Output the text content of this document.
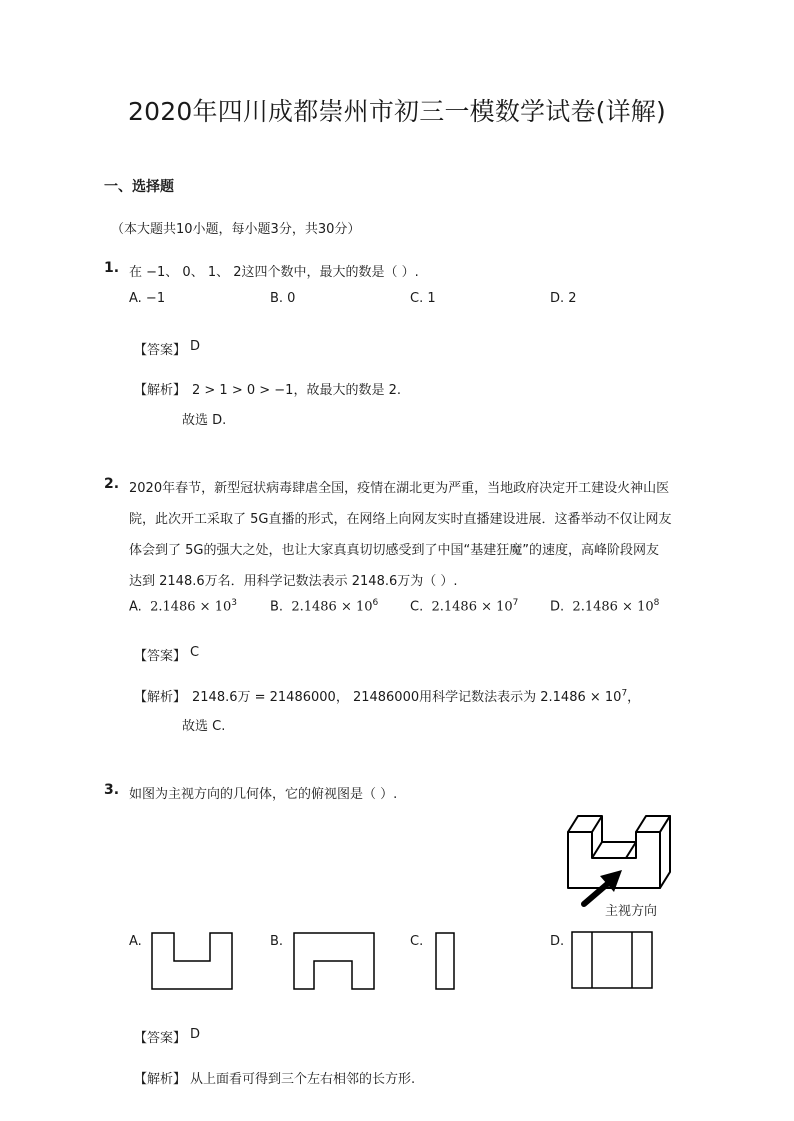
2020年四川成都崇州市初三一模数学试卷(详解)
一、选择题
（本大题共10小题，每小题3分，共30分）
1. 在 −1、 0、 1、 2这四个数中，最大的数是（ ）.
A. −1	B. 0	C. 1	D. 2
【答案】 D
【解析】 2 > 1 > 0 > −1，故最大的数是 2.
故选 D.
2. 2020年春节，新型冠状病毒肆虐全国，疫情在湖北更为严重，当地政府决定开工建设火神山医
院，此次开工采取了 5G直播的形式，在网络上向网友实时直播建设进展．这番举动不仅让网友
体会到了 5G的强大之处，也让大家真真切切感受到了中国“基建狂魔”的速度，高峰阶段网友
达到 2148.6万名．用科学记数法表示 2148.6万为（ ）.
A. $2.1486 \times 10^3$	B. $2.1486 \times 10^6$ C. $2.1486 \times 10^7$ D. $2.1486 \times 10^8$
【答案】 C
【解析】 2148.6万 = 21486000， 21486000用科学记数法表示为 $2.1486 \times 10^7$，
故选 C.
3. 如图为主视方向的几何体，它的俯视图是（ ）.
主视方向
A.	B.	C.	D.
【答案】 D
【解析】 从上面看可得到三个左右相邻的长方形.
